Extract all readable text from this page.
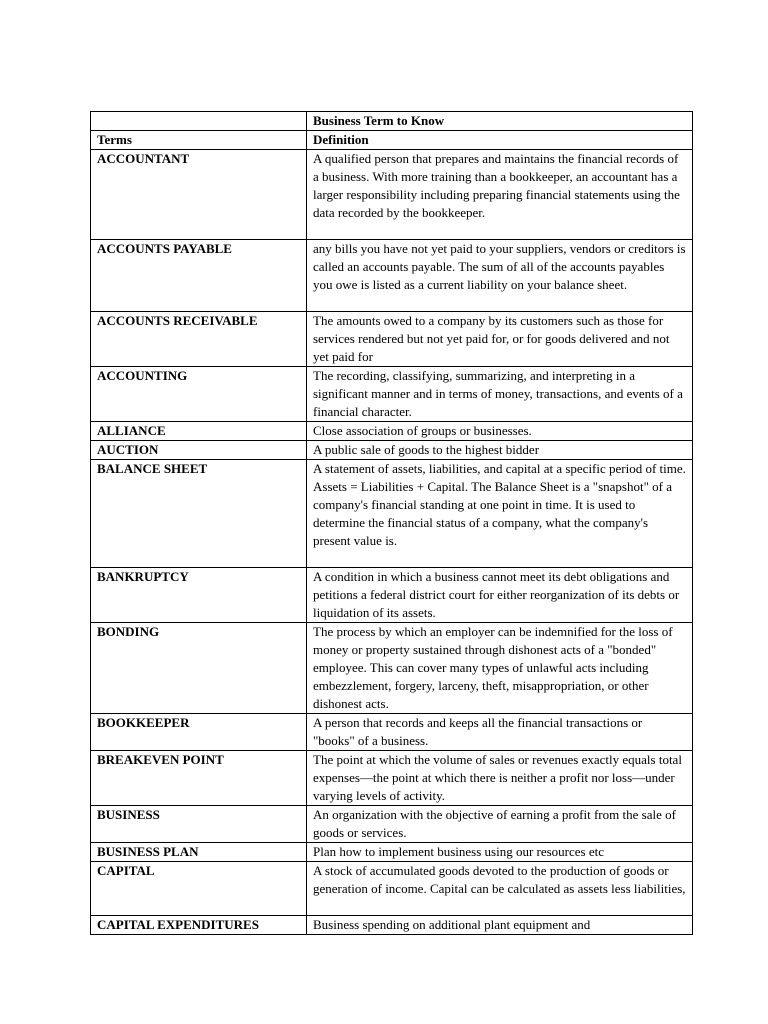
	Business Term to Know
Terms	Definition
ACCOUNTANT	A qualified person that prepares and maintains the financial records of a business. With more training than a bookkeeper, an accountant has a larger responsibility including preparing financial statements using the data recorded by the bookkeeper.
ACCOUNTS PAYABLE	any bills you have not yet paid to your suppliers, vendors or creditors is called an accounts payable. The sum of all of the accounts payables you owe is listed as a current liability on your balance sheet.
ACCOUNTS RECEIVABLE	The amounts owed to a company by its customers such as those for services rendered but not yet paid for, or for goods delivered and not yet paid for
ACCOUNTING	The recording, classifying, summarizing, and interpreting in a significant manner and in terms of money, transactions, and events of a financial character.
ALLIANCE	Close association of groups or businesses.
AUCTION	A public sale of goods to the highest bidder
BALANCE SHEET	A statement of assets, liabilities, and capital at a specific period of time. Assets = Liabilities + Capital. The Balance Sheet is a "snapshot" of a company's financial standing at one point in time. It is used to determine the financial status of a company, what the company's present value is.
BANKRUPTCY	A condition in which a business cannot meet its debt obligations and petitions a federal district court for either reorganization of its debts or liquidation of its assets.
BONDING	The process by which an employer can be indemnified for the loss of money or property sustained through dishonest acts of a "bonded" employee. This can cover many types of unlawful acts including embezzlement, forgery, larceny, theft, misappropriation, or other dishonest acts.
BOOKKEEPER	A person that records and keeps all the financial transactions or "books" of a business.
BREAKEVEN POINT	The point at which the volume of sales or revenues exactly equals total expenses—the point at which there is neither a profit nor loss—under varying levels of activity.
BUSINESS	An organization with the objective of earning a profit from the sale of goods or services.
BUSINESS PLAN	Plan how to implement business using our resources etc
CAPITAL	A stock of accumulated goods devoted to the production of goods or generation of income. Capital can be calculated as assets less liabilities,
CAPITAL EXPENDITURES	Business spending on additional plant equipment and
